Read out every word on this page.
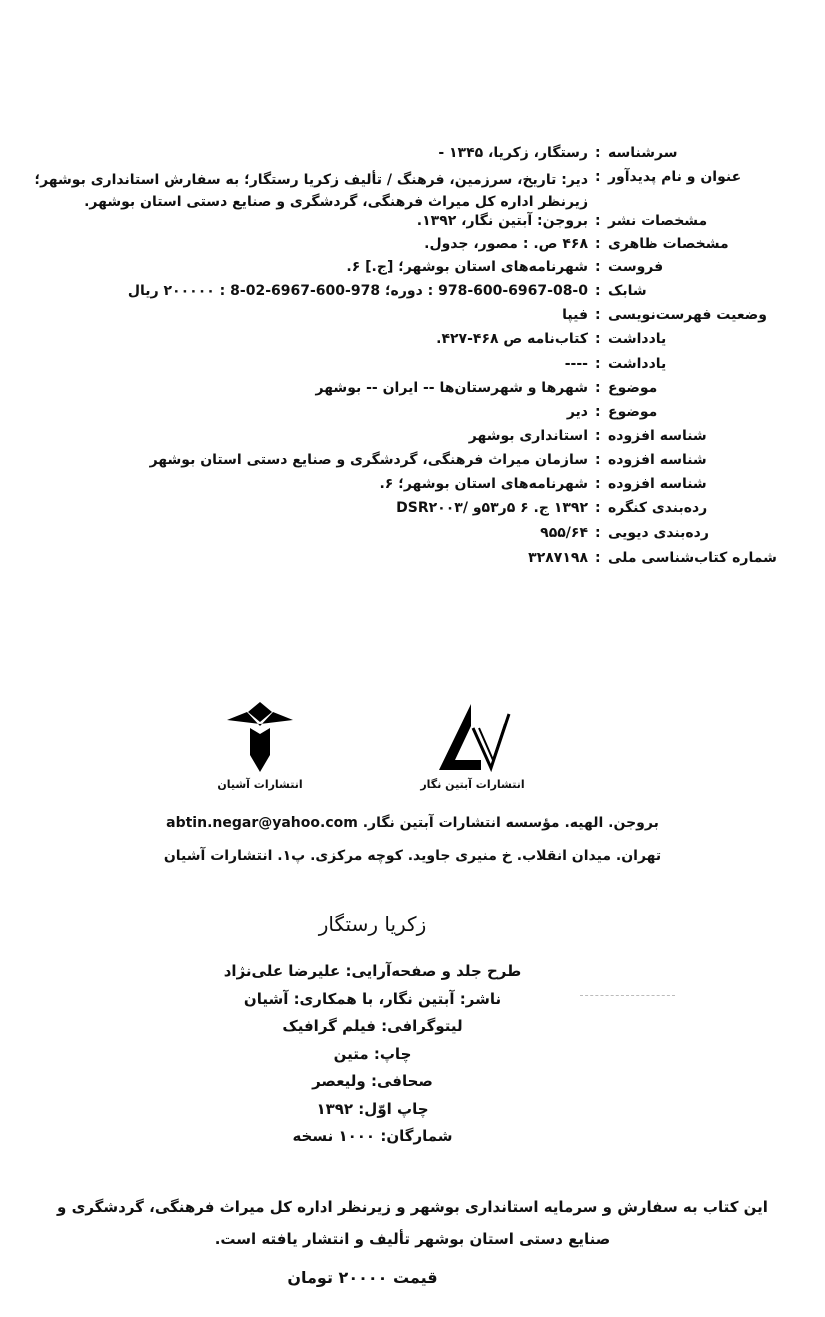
سرشناسه
:
رستگار، زکریا، ۱۳۴۵ -
عنوان و نام پدیدآور
:
دیر: تاریخ، سرزمین، فرهنگ / تألیف زکریا رستگار؛ به سفارش استانداری بوشهر؛ زیرنظر اداره کل میراث فرهنگی، گردشگری و صنایع دستی استان بوشهر.
مشخصات نشر
:
بروجن: آبتین نگار، ۱۳۹۲.
مشخصات ظاهری
:
۴۶۸ ص. : مصور، جدول.
فروست
:
شهرنامه‌های استان بوشهر؛ [ج.] ۶.
شابک
:
978-600-6967-08-0 : دوره؛ 978-600-6967-02-8 : ۲۰۰۰۰۰ ریال
وضعیت فهرست‌نویسی
:
فیپا
یادداشت
:
کتاب‌نامه ص ۴۶۸-۴۲۷.
یادداشت
:
----
موضوع
:
شهرها و شهرستان‌ها -- ایران -- بوشهر
موضوع
:
دیر
شناسه افزوده
:
استانداری بوشهر
شناسه افزوده
:
سازمان میراث فرهنگی، گردشگری و صنایع دستی استان بوشهر
شناسه افزوده
:
شهرنامه‌های استان بوشهر؛ ۶.
رده‌بندی کنگره
:
۱۳۹۲ ج. ۶ ۵ر۵۳و /DSR۲۰۰۳
رده‌بندی دیویی
:
۹۵۵/۶۴
شماره کتاب‌شناسی ملی
:
۳۲۸۷۱۹۸
انتشارات آشیان	انتشارات آبتین نگار
بروجن. الهیه. مؤسسه انتشارات آبتین نگار. abtin.negar@yahoo.com
تهران. میدان انقلاب. خ منیری جاوید. کوچه مرکزی. پ۱. انتشارات آشیان
زکریا رستگار
طرح جلد و صفحه‌آرایی: علیرضا علی‌نژاد
ناشر: آبتین نگار، با همکاری: آشیان
لیتوگرافی: فیلم گرافیک
چاپ: متین
صحافی: ولیعصر
چاپ اوّل: ۱۳۹۲
شمارگان: ۱۰۰۰ نسخه
این کتاب به سفارش و سرمایه استانداری بوشهر و زیرنظر اداره کل میراث فرهنگی، گردشگری و
صنایع دستی استان بوشهر تألیف و انتشار یافته است.
قیمت ۲۰۰۰۰ تومان
